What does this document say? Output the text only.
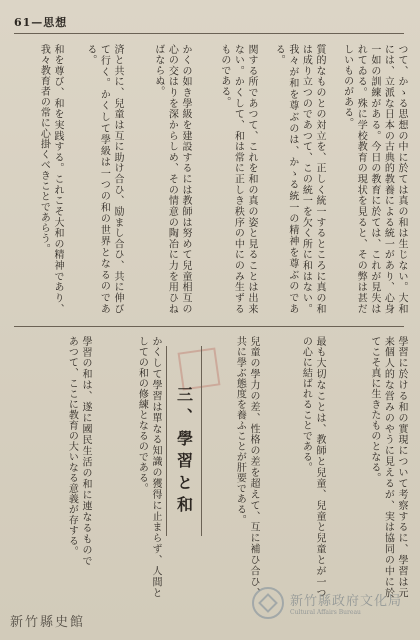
61—思想
つて、かゝる思想の中に於ては真の和は生じない。大和には、立派な日本の古典的教養による統一があり、心身一如の訓練がある。今日の教育に於ては、これが見失はれてゐる。殊に学校教育の現状を見ると、その弊は甚だしいものがある。
質的なものとの対立を、正しく統一するところに真の和は成り立つのであつて、この統一を欠く所に和はない。我々が和を尊ぶのは、かゝる統一の精神を尊ぶのである。
関する所であつて、これを和の真の姿と見ることは出来ない。かくして、和は常に正しき秩序の中にのみ生ずるものである。
かくの如き學級を建設するには教師は努めて兒童相互の心の交はりを深からしめ、その情意の陶冶に力を用ひねばならぬ。
済と共に、兒童は互に助け合ひ、励まし合ひ、共に伸びて行く。かくして學級は一つの和の世界となるのである。
和を尊び、和を実践する。これこそ大和の精神であり、我々教育者の常に心掛くべきことであらう。
學習に於ける和の實現について考察するに、學習は元来個人的な営みのやうに見えるが、実は協同の中に於てこそ真に生きたものとなる。
最も大切なことは、教師と兒童、兒童と兒童とが一つの心に結ばれることである。
兒童の學力の差、性格の差を超えて、互に補ひ合ひ、共に學ぶ態度を養ふことが肝要である。
三、學習と和
かくして學習は單なる知識の獲得に止まらず、人間としての和の修練となるのである。
學習の和は、遂に國民生活の和に連なるものであつて、ここに教育の大いなる意義が存する。
新竹縣政府文化局
Cultural Affairs Bureau
新竹縣史館
